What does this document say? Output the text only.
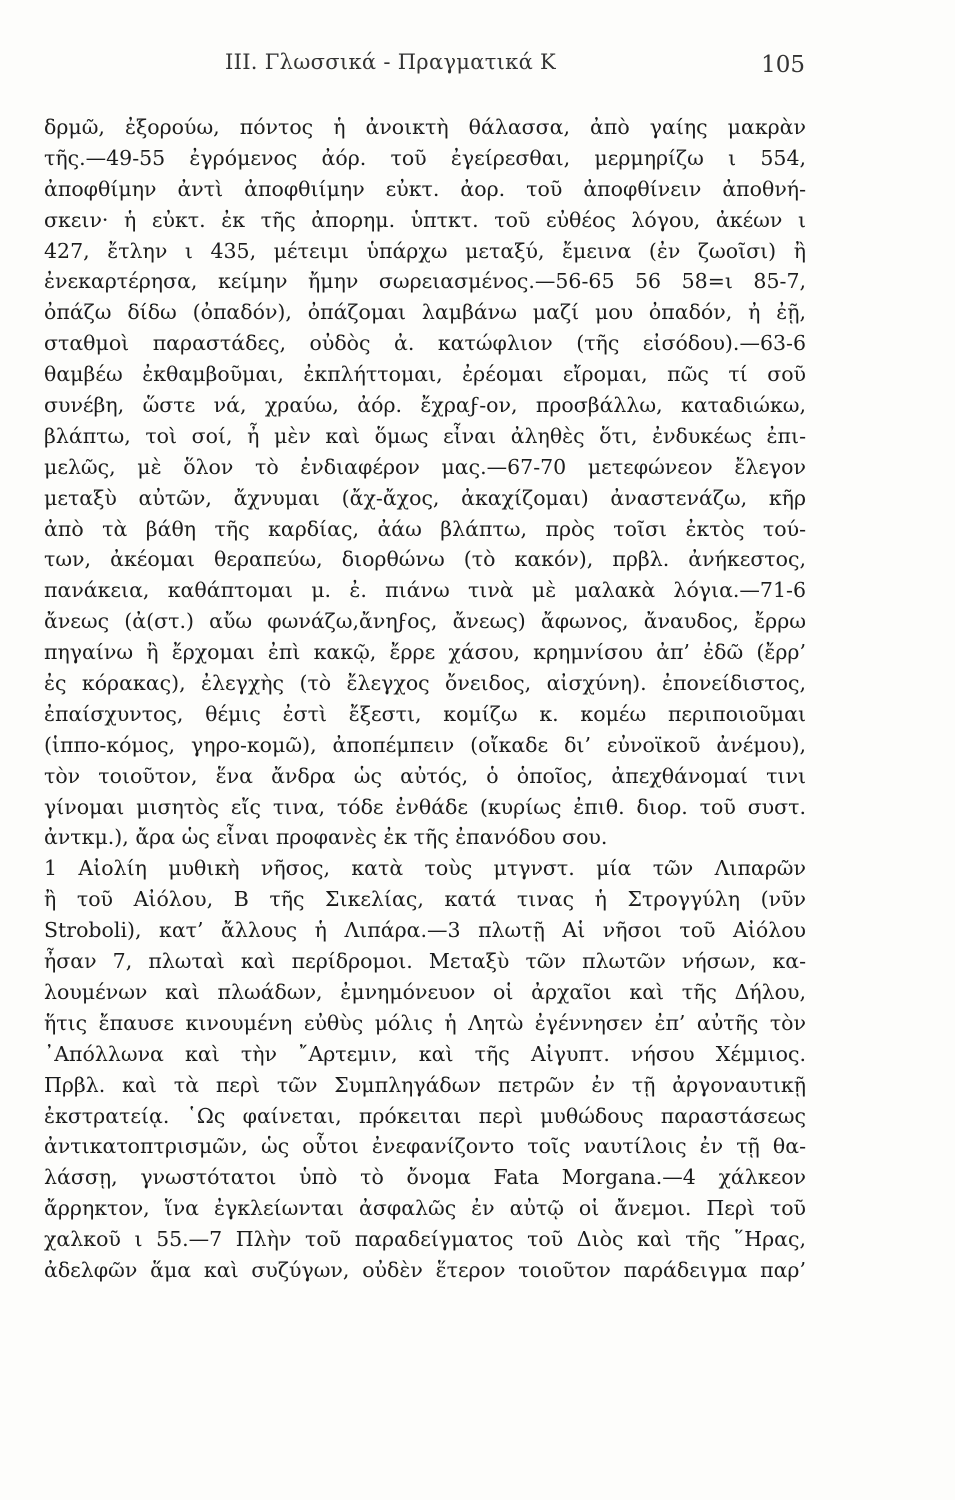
III. Γλωσσικά - Πραγματικά Κ	105
δρμῶ, ἐξορούω, πόντος ἡ ἀνοικτὴ θάλασσα, ἀπὸ γαίης μακρὰν
τῆς.—49-55 ἐγρόμενος ἀόρ. τοῦ ἐγείρεσθαι, μερμηρίζω ι 554,
ἀποφθίμην ἀντὶ ἀποφθιίμην εὐκτ. ἀορ. τοῦ ἀποφθίνειν ἀποθνή-
σκειν· ἡ εὐκτ. ἐκ τῆς ἀπορημ. ὑπτκτ. τοῦ εὐθέος λόγου, ἀκέων ι
427, ἔτλην ι 435, μέτειμι ὑπάρχω μεταξύ, ἔμεινα (ἐν ζωοῖσι) ἢ
ἐνεκαρτέρησα, κείμην ἤμην σωρειασμένος.—56-65 56 58=ι 85-7,
ὀπάζω δίδω (ὀπαδόν), ὀπάζομαι λαμβάνω μαζί μου ὀπαδόν, ἠ ἐῇ,
σταθμοὶ παραστάδες, οὐδὸς ἀ. κατώφλιον (τῆς εἰσόδου).—63-6
θαμβέω ἐκθαμβοῦμαι, ἐκπλήττομαι, ἐρέομαι εἴρομαι, πῶς τί σοῦ
συνέβη, ὥστε νά, χραύω, ἀόρ. ἔχραϝ-ον, προσβάλλω, καταδιώκω,
βλάπτω, τοὶ σοί, ἦ μὲν καὶ ὅμως εἶναι ἀληθὲς ὅτι, ἐνδυκέως ἐπι-
μελῶς, μὲ ὅλον τὸ ἐνδιαφέρον μας.—67-70 μετεφώνεον ἔλεγον
μεταξὺ αὐτῶν, ἄχνυμαι (ἄχ-ἄχος, ἀκαχίζομαι) ἀναστενάζω, κῆρ
ἀπὸ τὰ βάθη τῆς καρδίας, ἀάω βλάπτω, πρὸς τοῖσι ἐκτὸς τού-
των, ἀκέομαι θεραπεύω, διορθώνω (τὸ κακόν), πρβλ. ἀνήκεστος,
πανάκεια, καθάπτομαι μ. ἐ. πιάνω τινὰ μὲ μαλακὰ λόγια.—71-6
ἄνεως (ἀ(στ.) αὔω φωνάζω,ἄνηϝος, ἄνεως) ἄφωνος, ἄναυδος, ἔρρω
πηγαίνω ἢ ἔρχομαι ἐπὶ κακῷ, ἔρρε χάσου, κρημνίσου ἀπ’ ἐδῶ (ἔρρ’
ἐς κόρακας), ἐλεγχὴς (τὸ ἔλεγχος ὄνειδος, αἰσχύνη). ἐπονείδιστος,
ἐπαίσχυντος, θέμις ἐστὶ ἔξεστι, κομίζω κ. κομέω περιποιοῦμαι
(ἱππο-κόμος, γηρο-κομῶ), ἀποπέμπειν (οἴκαδε δι’ εὐνοϊκοῦ ἀνέμου),
τὸν τοιοῦτον, ἕνα ἄνδρα ὡς αὐτός, ὁ ὁποῖος, ἀπεχθάνομαί τινι
γίνομαι μισητὸς εἴς τινα, τόδε ἐνθάδε (κυρίως ἐπιθ. διορ. τοῦ συστ.
ἀντκμ.), ἄρα ὡς εἶναι προφανὲς ἐκ τῆς ἐπανόδου σου.
1 Αἰολίη μυθικὴ νῆσος, κατὰ τοὺς μτγνστ. μία τῶν Λιπαρῶν
ἢ τοῦ Αἰόλου, Β τῆς Σικελίας, κατά τινας ἡ Στρογγύλη (νῦν
Stroboli), κατ’ ἄλλους ἡ Λιπάρα.—3 πλωτῇ Αἱ νῆσοι τοῦ Αἰόλου
ἦσαν 7, πλωταὶ καὶ περίδρομοι. Μεταξὺ τῶν πλωτῶν νήσων, κα-
λουμένων καὶ πλωάδων, ἐμνημόνευον οἱ ἀρχαῖοι καὶ τῆς Δήλου,
ἥτις ἔπαυσε κινουμένη εὐθὺς μόλις ἡ Λητὼ ἐγέννησεν ἐπ’ αὐτῆς τὸν
᾿Απόλλωνα καὶ τὴν ῎Αρτεμιν, καὶ τῆς Αἰγυπτ. νήσου Χέμμιος.
Πρβλ. καὶ τὰ περὶ τῶν Συμπληγάδων πετρῶν ἐν τῇ ἀργοναυτικῇ
ἐκστρατείᾳ. ῾Ως φαίνεται, πρόκειται περὶ μυθώδους παραστάσεως
ἀντικατοπτρισμῶν, ὡς οὗτοι ἐνεφανίζοντο τοῖς ναυτίλοις ἐν τῇ θα-
λάσσῃ, γνωστότατοι ὑπὸ τὸ ὄνομα Fata Morgana.—4 χάλκεον
ἄρρηκτον, ἵνα ἐγκλείωνται ἀσφαλῶς ἐν αὐτῷ οἱ ἄνεμοι. Περὶ τοῦ
χαλκοῦ ι 55.—7 Πλὴν τοῦ παραδείγματος τοῦ Διὸς καὶ τῆς ῞Ηρας,
ἀδελφῶν ἅμα καὶ συζύγων, οὐδὲν ἕτερον τοιοῦτον παράδειγμα παρ’
